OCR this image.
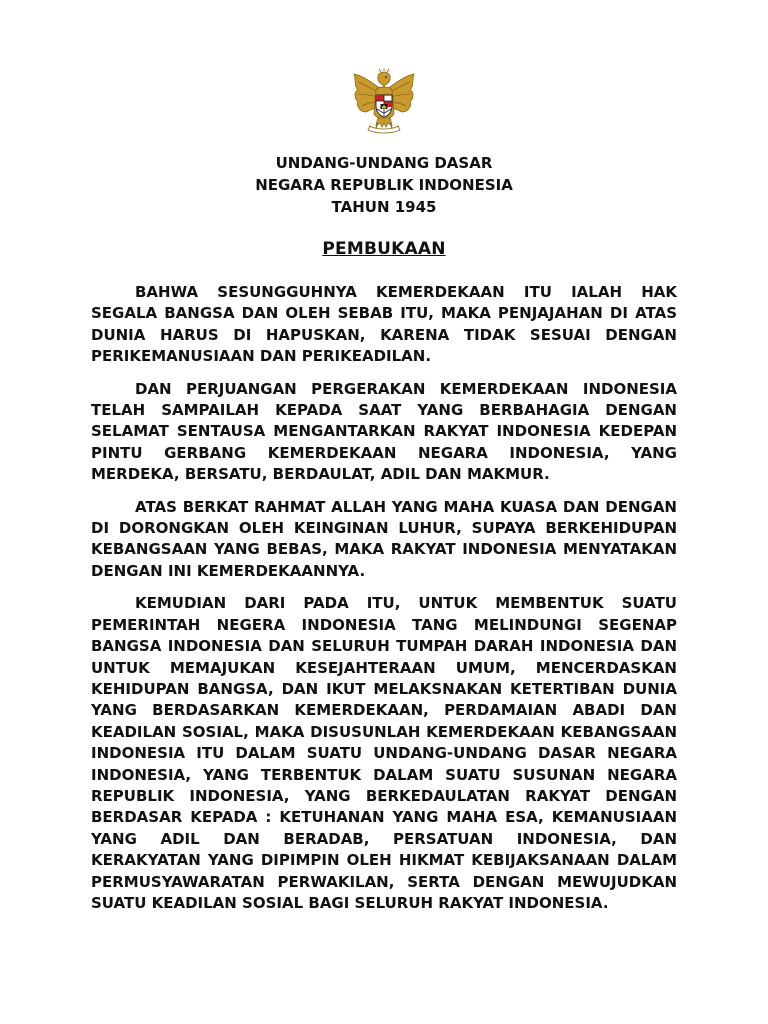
UNDANG-UNDANG DASAR
NEGARA REPUBLIK INDONESIA
TAHUN 1945
PEMBUKAAN

BAHWA SESUNGGUHNYA KEMERDEKAAN ITU IALAH HAK SEGALA BANGSA DAN OLEH SEBAB ITU, MAKA PENJAJAHAN DI ATAS DUNIA HARUS DI HAPUSKAN, KARENA TIDAK SESUAI DENGAN PERIKEMANUSIAAN DAN PERIKEADILAN.

DAN PERJUANGAN PERGERAKAN KEMERDEKAAN INDONESIA TELAH SAMPAILAH KEPADA SAAT YANG BERBAHAGIA DENGAN SELAMAT SENTAUSA MENGANTARKAN RAKYAT INDONESIA KEDEPAN PINTU GERBANG KEMERDEKAAN NEGARA INDONESIA, YANG MERDEKA, BERSATU, BERDAULAT, ADIL DAN MAKMUR.

ATAS BERKAT RAHMAT ALLAH YANG MAHA KUASA DAN DENGAN DI DORONGKAN OLEH KEINGINAN LUHUR, SUPAYA BERKEHIDUPAN KEBANGSAAN YANG BEBAS, MAKA RAKYAT INDONESIA MENYATAKAN DENGAN INI KEMERDEKAANNYA.

KEMUDIAN DARI PADA ITU, UNTUK MEMBENTUK SUATU PEMERINTAH NEGERA INDONESIA TANG MELINDUNGI SEGENAP BANGSA INDONESIA DAN SELURUH TUMPAH DARAH INDONESIA DAN UNTUK MEMAJUKAN KESEJAHTERAAN UMUM, MENCERDASKAN KEHIDUPAN BANGSA, DAN IKUT MELAKSNAKAN KETERTIBAN DUNIA YANG BERDASARKAN KEMERDEKAAN, PERDAMAIAN ABADI DAN KEADILAN SOSIAL, MAKA DISUSUNLAH KEMERDEKAAN KEBANGSAAN INDONESIA ITU DALAM SUATU UNDANG-UNDANG DASAR NEGARA INDONESIA, YANG TERBENTUK DALAM SUATU SUSUNAN NEGARA REPUBLIK INDONESIA, YANG BERKEDAULATAN RAKYAT DENGAN BERDASAR KEPADA : KETUHANAN YANG MAHA ESA, KEMANUSIAAN YANG ADIL DAN BERADAB, PERSATUAN INDONESIA, DAN KERAKYATAN YANG DIPIMPIN OLEH HIKMAT KEBIJAKSANAAN DALAM PERMUSYAWARATAN PERWAKILAN, SERTA DENGAN MEWUJUDKAN SUATU KEADILAN SOSIAL BAGI SELURUH RAKYAT INDONESIA.
